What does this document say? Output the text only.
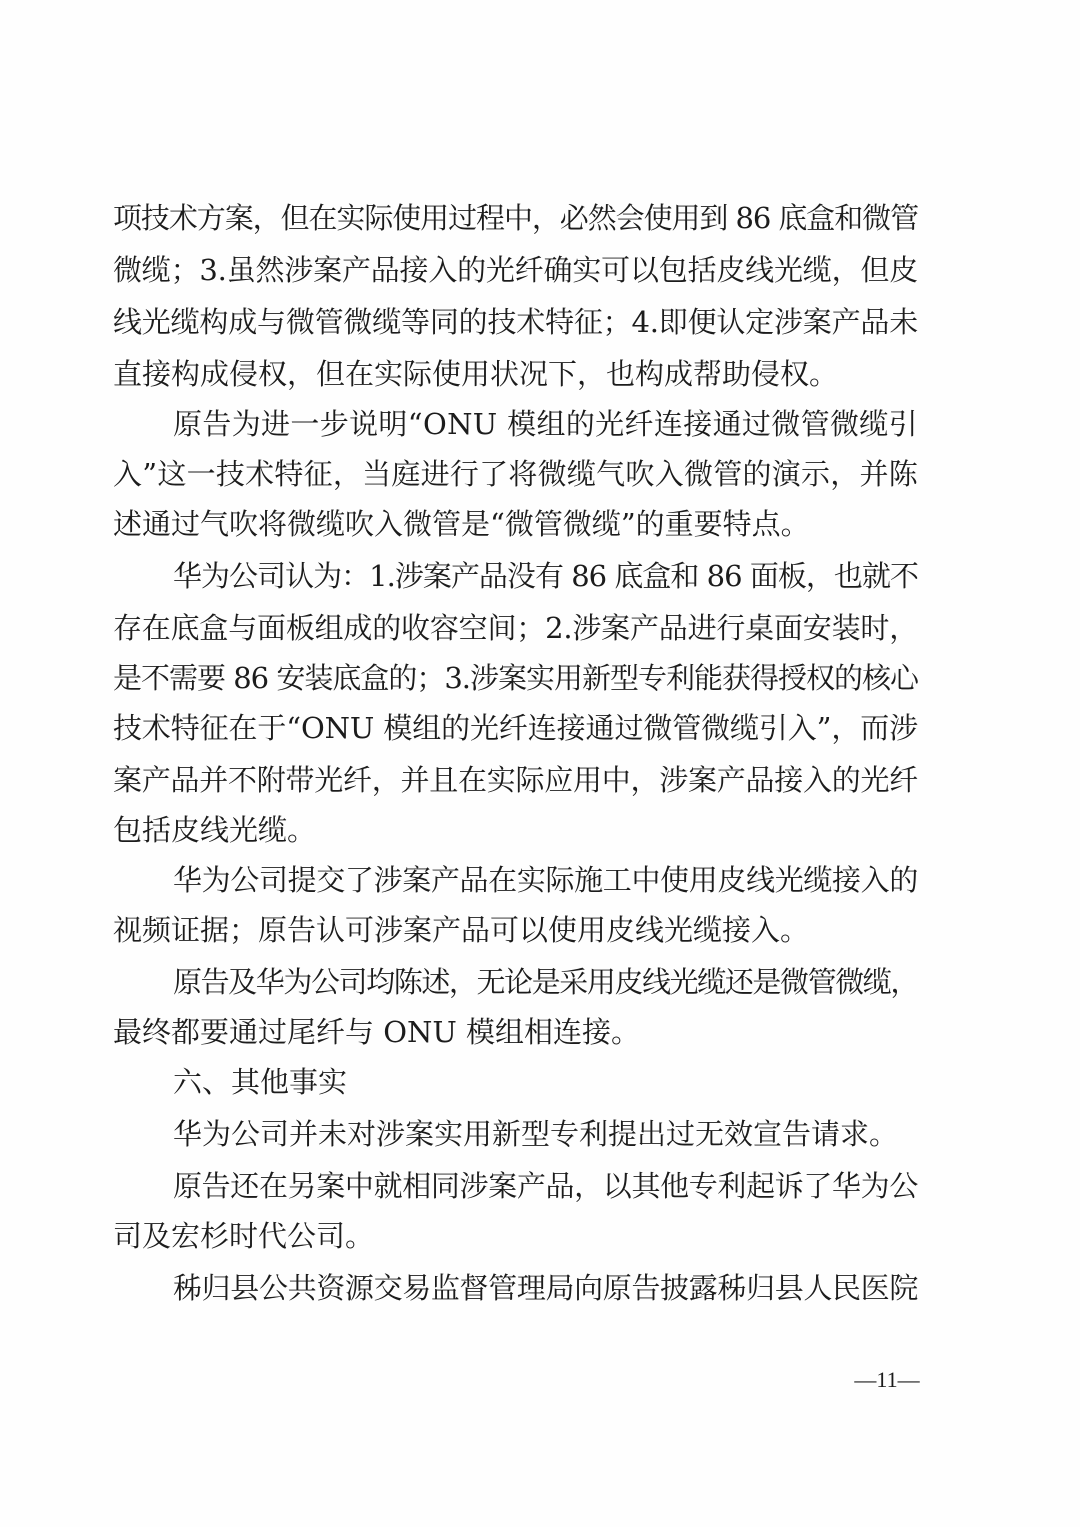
项技术方案，但在实际使用过程中，必然会使用到 86 底盒和微管
微缆；3.虽然涉案产品接入的光纤确实可以包括皮线光缆，但皮
线光缆构成与微管微缆等同的技术特征；4.即便认定涉案产品未
直接构成侵权，但在实际使用状况下，也构成帮助侵权。
原告为进一步说明“ONU 模组的光纤连接通过微管微缆引
入”这一技术特征，当庭进行了将微缆气吹入微管的演示，并陈
述通过气吹将微缆吹入微管是“微管微缆”的重要特点。
华为公司认为：1.涉案产品没有 86 底盒和 86 面板，也就不
存在底盒与面板组成的收容空间；2.涉案产品进行桌面安装时，
是不需要 86 安装底盒的；3.涉案实用新型专利能获得授权的核心
技术特征在于“ONU 模组的光纤连接通过微管微缆引入”，而涉
案产品并不附带光纤，并且在实际应用中，涉案产品接入的光纤
包括皮线光缆。
华为公司提交了涉案产品在实际施工中使用皮线光缆接入的
视频证据；原告认可涉案产品可以使用皮线光缆接入。
原告及华为公司均陈述，无论是采用皮线光缆还是微管微缆，
最终都要通过尾纤与 ONU 模组相连接。
六、其他事实
华为公司并未对涉案实用新型专利提出过无效宣告请求。
原告还在另案中就相同涉案产品，以其他专利起诉了华为公
司及宏杉时代公司。
秭归县公共资源交易监督管理局向原告披露秭归县人民医院
—11—
